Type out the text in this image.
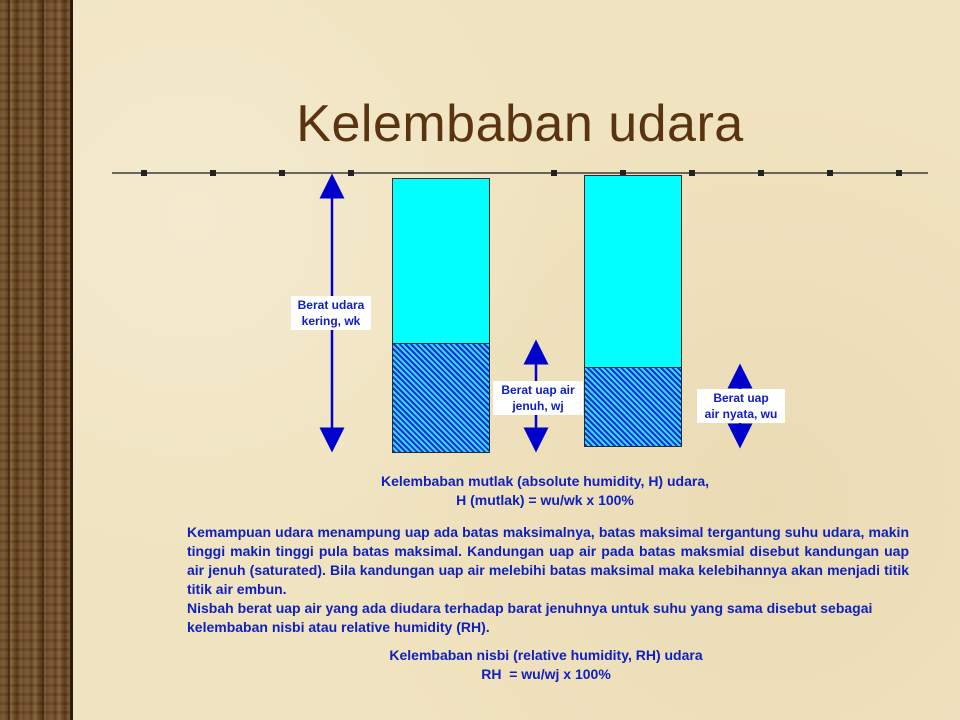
Kelembaban udara
Berat udara
kering, wk
Berat uap air
jenuh, wj
Berat uap
air nyata, wu
Kelembaban mutlak (absolute humidity, H) udara,
H (mutlak) = wu/wk x 100%

Kemampuan udara menampung uap ada batas maksimalnya, batas maksimal tergantung suhu udara, makin tinggi makin tinggi pula batas maksimal. Kandungan uap air pada batas maksmial disebut kandungan uap air jenuh (saturated). Bila kandungan uap air melebihi batas maksimal maka kelebihannya akan menjadi titik titik air embun.

Nisbah berat uap air yang ada diudara terhadap barat jenuhnya untuk suhu yang sama disebut sebagai kelembaban nisbi atau relative humidity (RH).

Kelembaban nisbi (relative humidity, RH) udara
RH  = wu/wj x 100%
